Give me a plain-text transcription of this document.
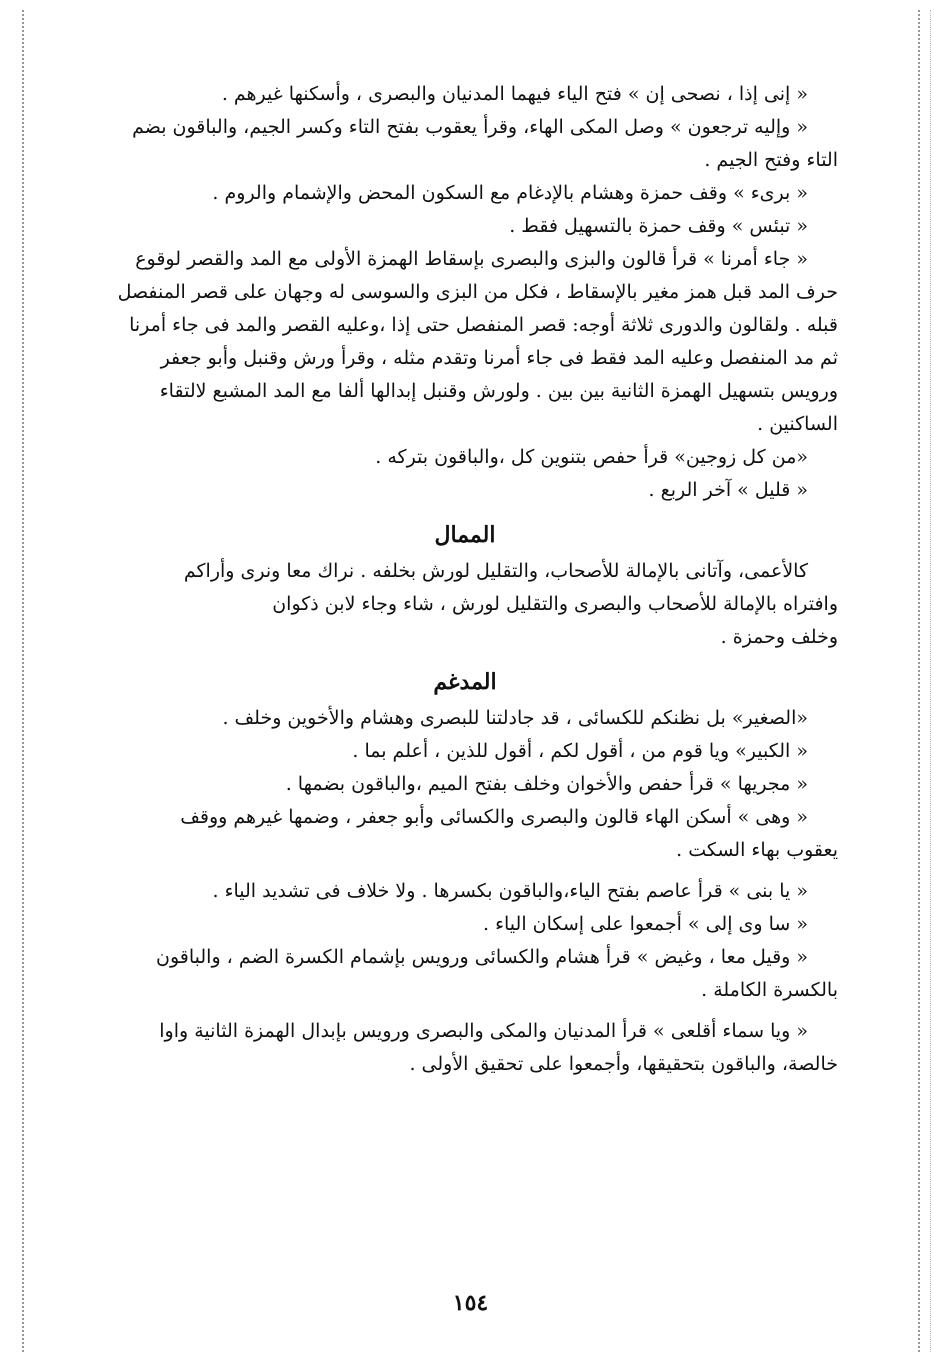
« إنى إذا ، نصحى إن » فتح الياء فيهما المدنيان والبصرى ، وأسكنها غيرهم .
« وإليه ترجعون » وصل المكى الهاء، وقرأ يعقوب بفتح التاء وكسر الجيم، والباقون بضم
التاء وفتح الجيم .
« برىء » وقف حمزة وهشام بالإدغام مع السكون المحض والإشمام والروم .
« تبئس » وقف حمزة بالتسهيل فقط .
« جاء أمرنا » قرأ قالون والبزى والبصرى بإسقاط الهمزة الأولى مع المد والقصر لوقوع
حرف المد قبل همز مغير بالإسقاط ، فكل من البزى والسوسى له وجهان على قصر المنفصل
قبله . ولقالون والدورى ثلاثة أوجه: قصر المنفصل حتى إذا ،وعليه القصر والمد فى جاء أمرنا
ثم مد المنفصل وعليه المد فقط فى جاء أمرنا وتقدم مثله ، وقرأ ورش وقنبل وأبو جعفر
ورويس بتسهيل الهمزة الثانية بين بين . ولورش وقنبل إبدالها ألفا مع المد المشبع لالتقاء
الساكنين .
«من كل زوجين» قرأ حفص بتنوين كل ،والباقون بتركه .
« قليل » آخر الربع .
الممال
كالأعمى، وآتانى بالإمالة للأصحاب، والتقليل لورش بخلفه . نراك معا ونرى وأراكم
وافتراه بالإمالة للأصحاب والبصرى والتقليل لورش ، شاء وجاء لابن ذكوان
وخلف وحمزة .
المدغم
«الصغير» بل نظنكم للكسائى ، قد جادلتنا للبصرى وهشام والأخوين وخلف .
« الكبير» ويا قوم من ، أقول لكم ، أقول للذين ، أعلم بما .
« مجريها » قرأ حفص والأخوان وخلف بفتح الميم ،والباقون بضمها .
« وهى » أسكن الهاء قالون والبصرى والكسائى وأبو جعفر ، وضمها غيرهم ووقف
يعقوب بهاء السكت .
« يا بنى » قرأ عاصم بفتح الياء،والباقون بكسرها . ولا خلاف فى تشديد الياء .
« سا وى إلى » أجمعوا على إسكان الياء .
« وقيل معا ، وغيض » قرأ هشام والكسائى ورويس بإشمام الكسرة الضم ، والباقون
بالكسرة الكاملة .
« ويا سماء أقلعى » قرأ المدنيان والمكى والبصرى ورويس بإبدال الهمزة الثانية واوا
خالصة، والباقون بتحقيقها، وأجمعوا على تحقيق الأولى .
١٥٤
